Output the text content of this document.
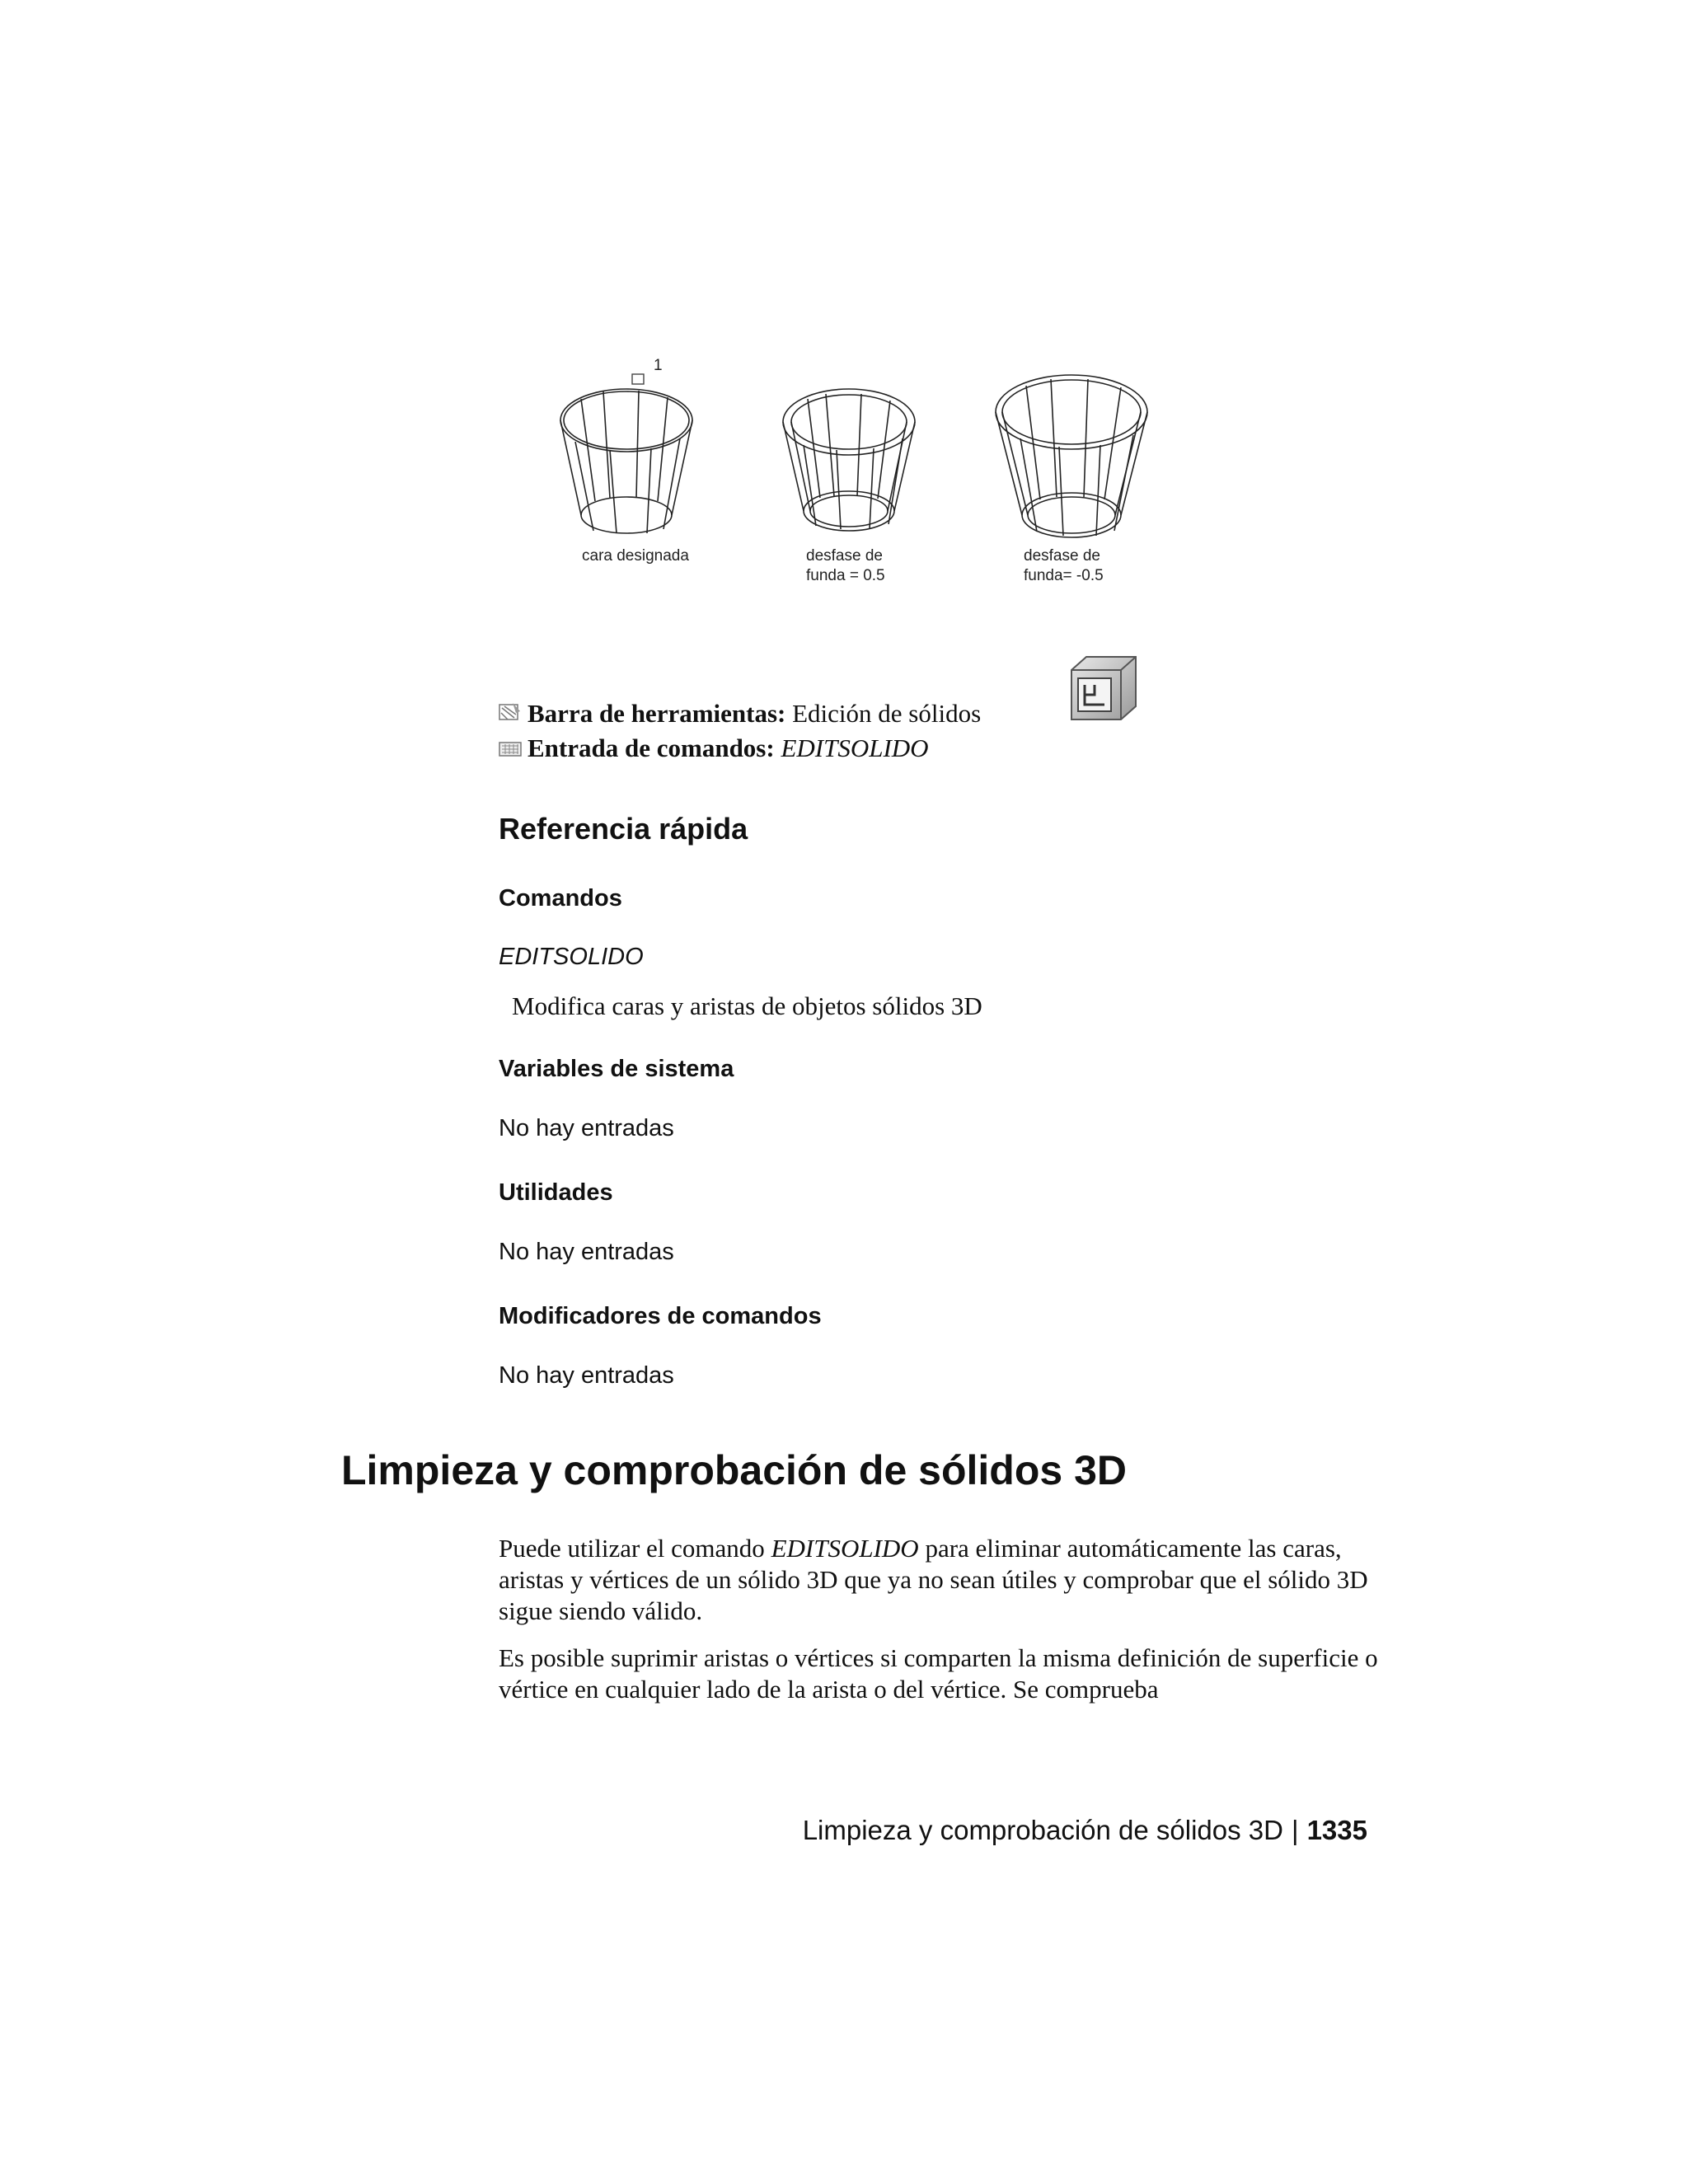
1
cara designada	desfase de
funda = 0.5
desfase de
funda= -0.5
Barra de herramientas: Edición de sólidos
Entrada de comandos: EDITSOLIDO
Referencia rápida
Comandos
EDITSOLIDO
Modifica caras y aristas de objetos sólidos 3D
Variables de sistema
No hay entradas
Utilidades
No hay entradas
Modificadores de comandos
No hay entradas
Limpieza y comprobación de sólidos 3D
Puede utilizar el comando EDITSOLIDO para eliminar automáticamente las caras, aristas y vértices de un sólido 3D que ya no sean útiles y comprobar que el sólido 3D sigue siendo válido.
Es posible suprimir aristas o vértices si comparten la misma definición de superficie o vértice en cualquier lado de la arista o del vértice. Se comprueba
Limpieza y comprobación de sólidos 3D | 1335
